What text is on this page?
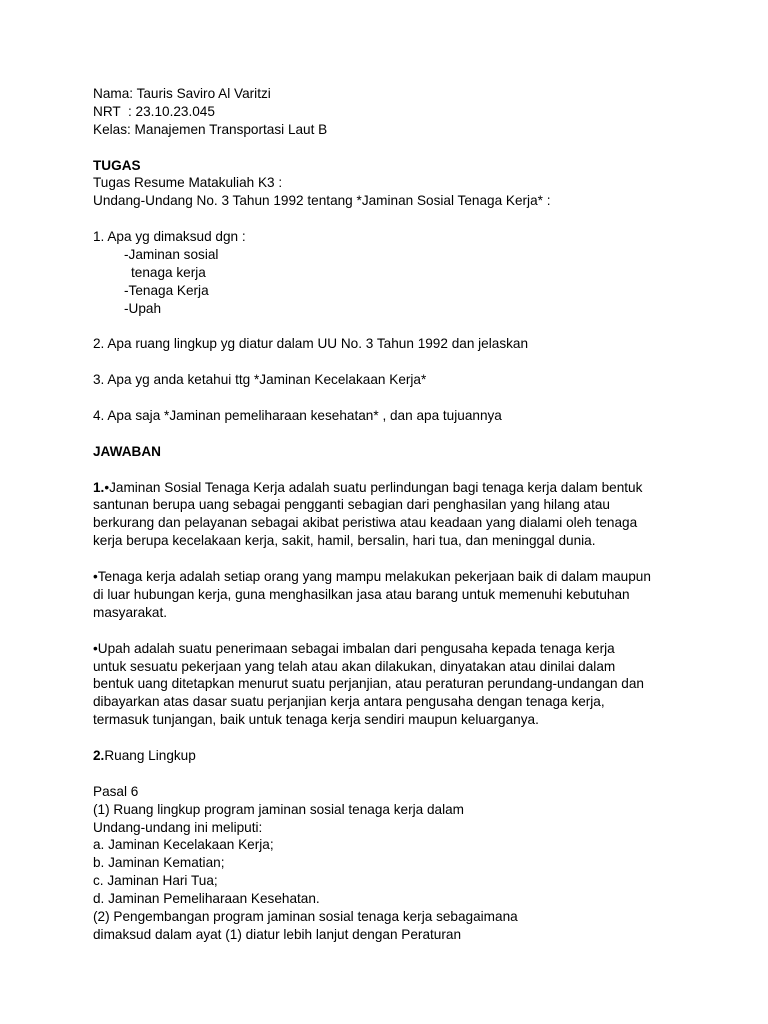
Nama: Tauris Saviro Al Varitzi
NRT  : 23.10.23.045
Kelas: Manajemen Transportasi Laut B
TUGAS
Tugas Resume Matakuliah K3 :
Undang-Undang No. 3 Tahun 1992 tentang *Jaminan Sosial Tenaga Kerja* :
1. Apa yg dimaksud dgn :
-Jaminan sosial
tenaga kerja
-Tenaga Kerja
-Upah
2. Apa ruang lingkup yg diatur dalam UU No. 3 Tahun 1992 dan jelaskan
3. Apa yg anda ketahui ttg *Jaminan Kecelakaan Kerja*
4. Apa saja *Jaminan pemeliharaan kesehatan* , dan apa tujuannya
JAWABAN
1.•Jaminan Sosial Tenaga Kerja adalah suatu perlindungan bagi tenaga kerja dalam bentuk
santunan berupa uang sebagai pengganti sebagian dari penghasilan yang hilang atau
berkurang dan pelayanan sebagai akibat peristiwa atau keadaan yang dialami oleh tenaga
kerja berupa kecelakaan kerja, sakit, hamil, bersalin, hari tua, dan meninggal dunia.
•Tenaga kerja adalah setiap orang yang mampu melakukan pekerjaan baik di dalam maupun
di luar hubungan kerja, guna menghasilkan jasa atau barang untuk memenuhi kebutuhan
masyarakat.
•Upah adalah suatu penerimaan sebagai imbalan dari pengusaha kepada tenaga kerja
untuk sesuatu pekerjaan yang telah atau akan dilakukan, dinyatakan atau dinilai dalam
bentuk uang ditetapkan menurut suatu perjanjian, atau peraturan perundang-undangan dan
dibayarkan atas dasar suatu perjanjian kerja antara pengusaha dengan tenaga kerja,
termasuk tunjangan, baik untuk tenaga kerja sendiri maupun keluarganya.
2.Ruang Lingkup
Pasal 6
(1) Ruang lingkup program jaminan sosial tenaga kerja dalam
Undang-undang ini meliputi:
a. Jaminan Kecelakaan Kerja;
b. Jaminan Kematian;
c. Jaminan Hari Tua;
d. Jaminan Pemeliharaan Kesehatan.
(2) Pengembangan program jaminan sosial tenaga kerja sebagaimana
dimaksud dalam ayat (1) diatur lebih lanjut dengan Peraturan
